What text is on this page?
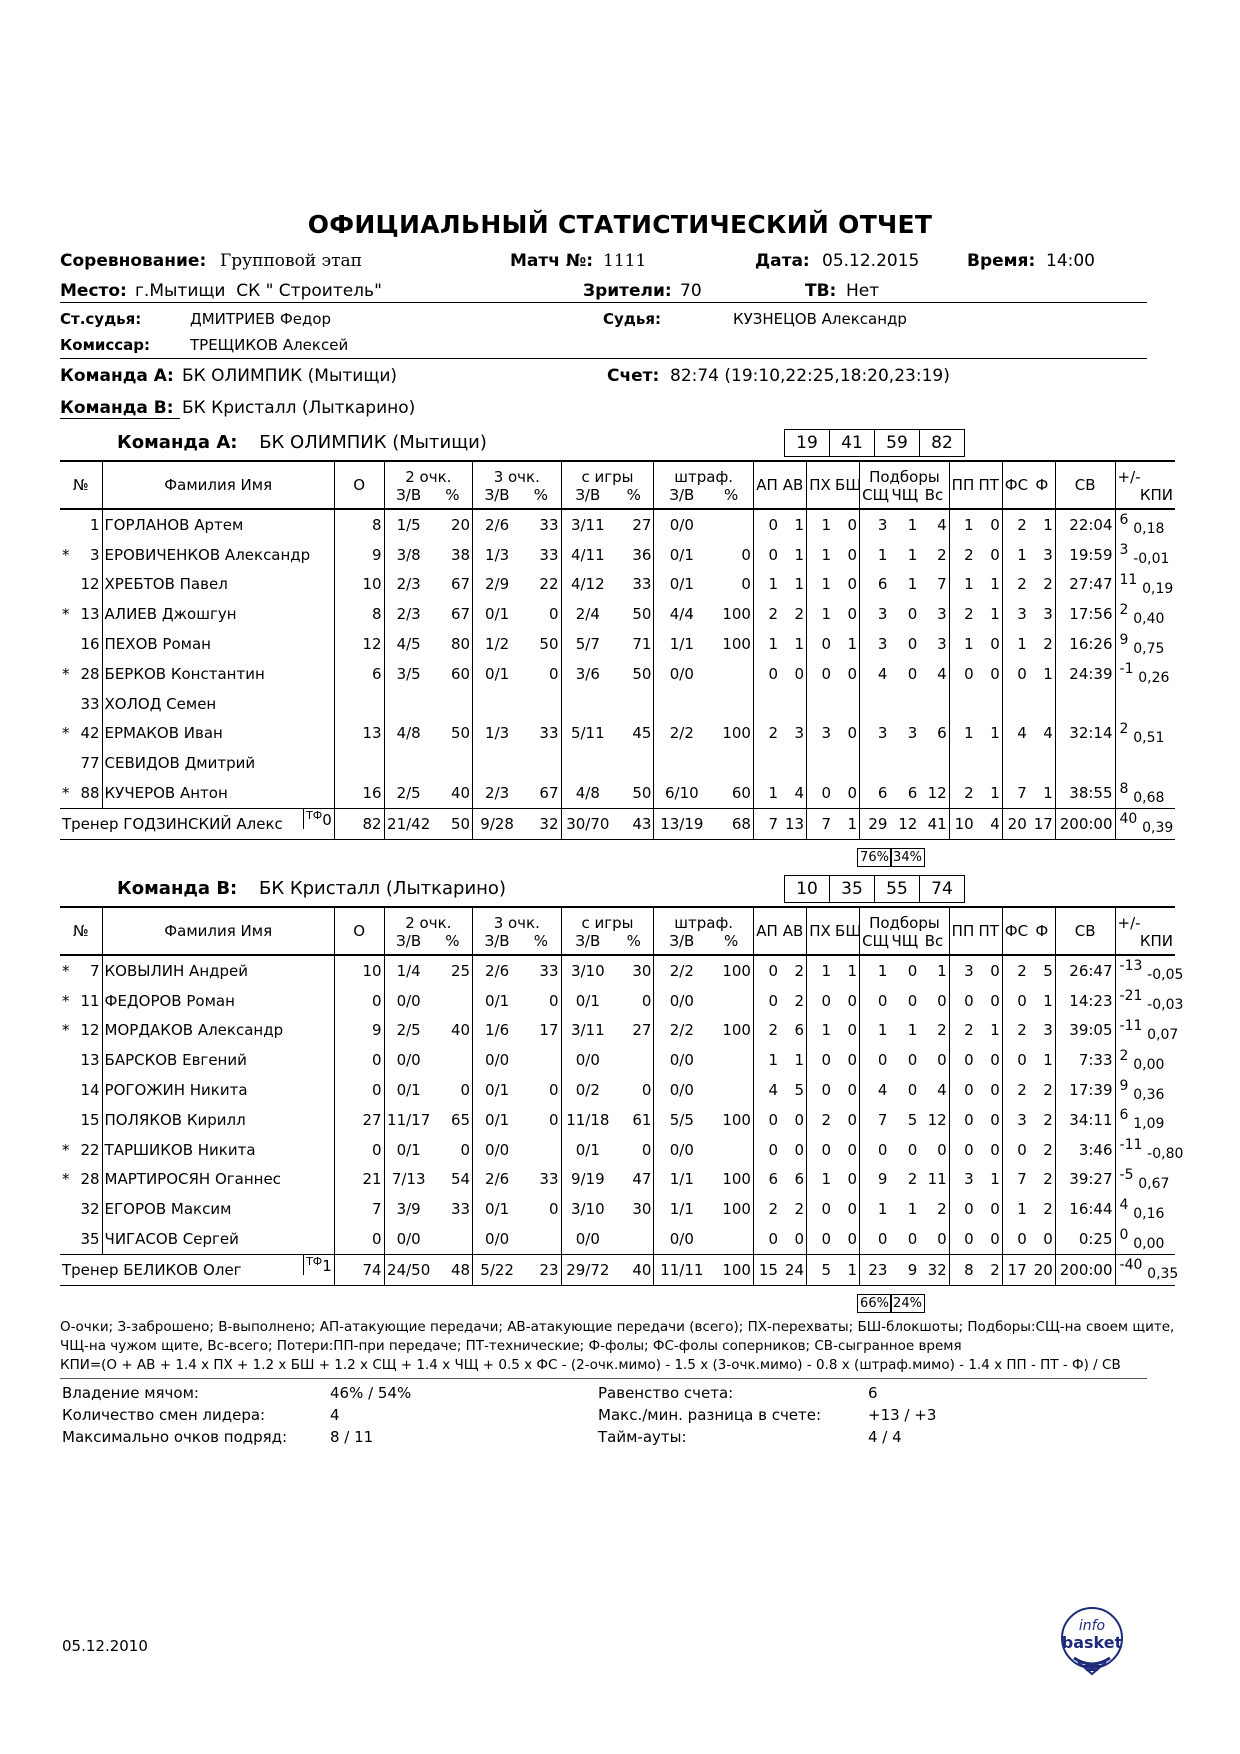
ОФИЦИАЛЬНЫЙ СТАТИСТИЧЕСКИЙ ОТЧЕТ
Соревнование: Групповой этап	Матч №: 1111	Дата: 05.12.2015	Время: 14:00
Место: г.Мытищи  СК " Строитель"	Зрители: 70	ТВ: Нет
Ст.судья:	ДМИТРИЕВ Федор	Судья:	КУЗНЕЦОВ Александр
Комиссар:	ТРЕЩИКОВ Алексей
Команда А: БК ОЛИМПИК (Мытищи)	Счет: 82:74 (19:10,22:25,18:20,23:19)
Команда В: БК Кристалл (Лыткарино)
Команда А: БК ОЛИМПИК (Мытищи)	19	41	59	82
№	Фамилия Имя	О	2 очк.		3 очк.		с игры		штраф.		АП	АВ	ПХ	БШ	Подборы			ПП	ПТ	ФС	Ф	СВ	+/-
			З/В	%	З/В	%	З/В	%	З/В	%					СЩ	ЧЩ	Вс						КПИ

1	ГОРЛАНОВ Артем	8	1/5	20	2/6	33	3/11	27	0/0		0	1	1	0	3	1	4	1	0	2	1	22:04	6 0,18

* 3	ЕРОВИЧЕНКОВ Александр	9	3/8	38	1/3	33	4/11	36	0/1	0	0	1	1	0	1	1	2	2	0	1	3	19:59	3 -0,01

12	ХРЕБТОВ Павел	10	2/3	67	2/9	22	4/12	33	0/1	0	1	1	1	0	6	1	7	1	1	2	2	27:47	11 0,19

* 13	АЛИЕВ Джошгун	8	2/3	67	0/1	0	2/4	50	4/4	100	2	2	1	0	3	0	3	2	1	3	3	17:56	2 0,40

16	ПЕХОВ Роман	12	4/5	80	1/2	50	5/7	71	1/1	100	1	1	0	1	3	0	3	1	0	1	2	16:26	9 0,75

* 28	БЕРКОВ Константин	6	3/5	60	0/1	0	3/6	50	0/0		0	0	0	0	4	0	4	0	0	0	1	24:39	-1 0,26

33	ХОЛОД Семен																						

* 42	ЕРМАКОВ Иван	13	4/8	50	1/3	33	5/11	45	2/2	100	2	3	3	0	3	3	6	1	1	4	4	32:14	2 0,51

77	СЕВИДОВ Дмитрий																						

* 88	КУЧЕРОВ Антон	16	2/5	40	2/3	67	4/8	50	6/10	60	1	4	0	0	6	6	12	2	1	7	1	38:55	8 0,68
Тренер ГОДЗИНСКИЙ Алекс $^{ТФ}$0		82	21/42	50	9/28	32	30/70	43	13/19	68	7	13	7	1	29	12	41	10	4	20	17	200:00	40 0,39
76% 34%
Команда В: БК Кристалл (Лыткарино)	10	35	55	74
№	Фамилия Имя	О	2 очк.		3 очк.		с игры		штраф.		АП	АВ	ПХ	БШ	Подборы			ПП	ПТ	ФС	Ф	СВ	+/-
			З/В	%	З/В	%	З/В	%	З/В	%					СЩ	ЧЩ	Вс						КПИ

* 7	КОВЫЛИН Андрей	10	1/4	25	2/6	33	3/10	30	2/2	100	0	2	1	1	1	0	1	3	0	2	5	26:47	-13 -0,05

* 11	ФЕДОРОВ Роман	0	0/0		0/1	0	0/1	0	0/0		0	2	0	0	0	0	0	0	0	0	1	14:23	-21 -0,03

* 12	МОРДАКОВ Александр	9	2/5	40	1/6	17	3/11	27	2/2	100	2	6	1	0	1	1	2	2	1	2	3	39:05	-11 0,07

13	БАРСКОВ Евгений	0	0/0		0/0		0/0		0/0		1	1	0	0	0	0	0	0	0	0	1	7:33	2 0,00

14	РОГОЖИН Никита	0	0/1	0	0/1	0	0/2	0	0/0		4	5	0	0	4	0	4	0	0	2	2	17:39	9 0,36

15	ПОЛЯКОВ Кирилл	27	11/17	65	0/1	0	11/18	61	5/5	100	0	0	2	0	7	5	12	0	0	3	2	34:11	6 1,09

* 22	ТАРШИКОВ Никита	0	0/1	0	0/0		0/1	0	0/0		0	0	0	0	0	0	0	0	0	0	2	3:46	-11 -0,80

* 28	МАРТИРОСЯН Оганнес	21	7/13	54	2/6	33	9/19	47	1/1	100	6	6	1	0	9	2	11	3	1	7	2	39:27	-5 0,67

32	ЕГОРОВ Максим	7	3/9	33	0/1	0	3/10	30	1/1	100	2	2	0	0	1	1	2	0	0	1	2	16:44	4 0,16

35	ЧИГАСОВ Сергей	0	0/0		0/0		0/0		0/0		0	0	0	0	0	0	0	0	0	0	0	0:25	0 0,00
Тренер БЕЛИКОВ Олег $^{ТФ}$1		74	24/50	48	5/22	23	29/72	40	11/11	100	15	24	5	1	23	9	32	8	2	17	20	200:00	-40 0,35
66% 24%
О-очки; З-заброшено; В-выполнено; АП-атакующие передачи; АВ-атакующие передачи (всего); ПХ-перехваты; БШ-блокшоты; Подборы:СЩ-на своем щите,
ЧЩ-на чужом щите, Вс-всего; Потери:ПП-при передаче; ПТ-технические; Ф-фолы; ФС-фолы соперников; СВ-сыгранное время
КПИ=(О + АВ + 1.4 х ПХ + 1.2 х БШ + 1.2 х СЩ + 1.4 х ЧЩ + 0.5 х ФС - (2-очк.мимо) - 1.5 х (3-очк.мимо) - 0.8 х (штраф.мимо) - 1.4 х ПП - ПТ - Ф) / СВ
Владение мячом:	46% / 54%
Количество смен лидера:	4
Максимально очков подряд:	8 / 11
Равенство счета:	6
Макс./мин. разница в счете:	+13 / +3
Тайм-ауты:	4 / 4
05.12.2010
info
basket
